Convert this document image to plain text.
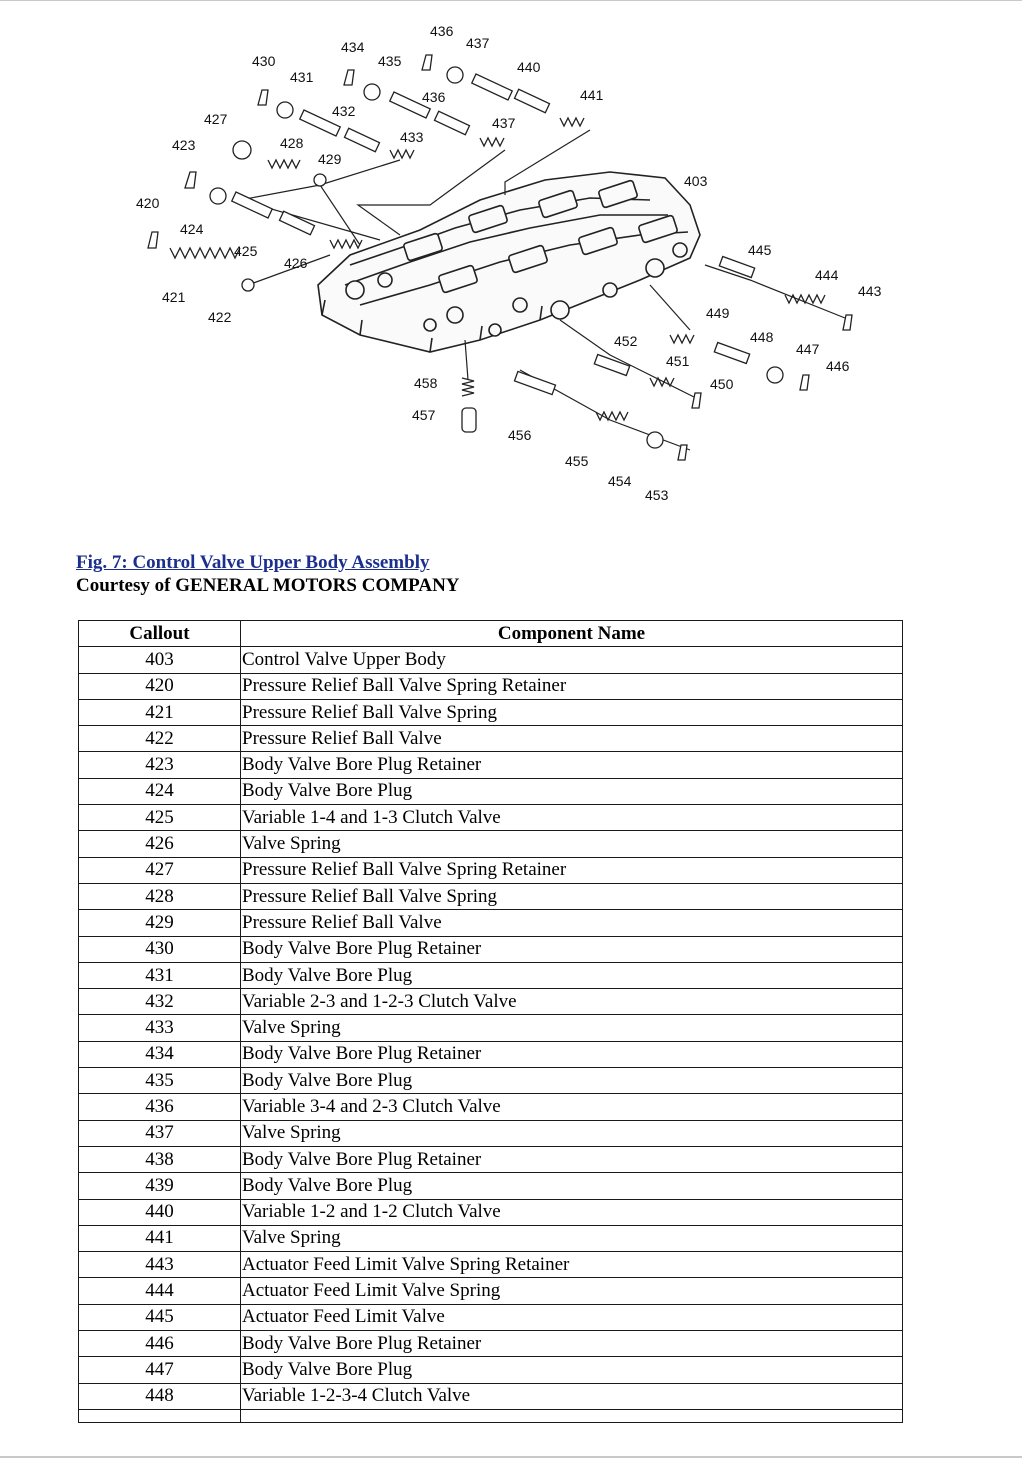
436
437
434
435	440
430
431
436	441
432
427	437
433
423	428
429
403
420
424
425
426
445
444
443
421
422	449
448
452	447
451	446
458	450
457
456
455
454
453
Fig. 7: Control Valve Upper Body Assembly
Courtesy of GENERAL MOTORS COMPANY
Callout	Component Name
403	Control Valve Upper Body
420	Pressure Relief Ball Valve Spring Retainer
421	Pressure Relief Ball Valve Spring
422	Pressure Relief Ball Valve
423	Body Valve Bore Plug Retainer
424	Body Valve Bore Plug
425	Variable 1-4 and 1-3 Clutch Valve
426	Valve Spring
427	Pressure Relief Ball Valve Spring Retainer
428	Pressure Relief Ball Valve Spring
429	Pressure Relief Ball Valve
430	Body Valve Bore Plug Retainer
431	Body Valve Bore Plug
432	Variable 2-3 and 1-2-3 Clutch Valve
433	Valve Spring
434	Body Valve Bore Plug Retainer
435	Body Valve Bore Plug
436	Variable 3-4 and 2-3 Clutch Valve
437	Valve Spring
438	Body Valve Bore Plug Retainer
439	Body Valve Bore Plug
440	Variable 1-2 and 1-2 Clutch Valve
441	Valve Spring
443	Actuator Feed Limit Valve Spring Retainer
444	Actuator Feed Limit Valve Spring
445	Actuator Feed Limit Valve
446	Body Valve Bore Plug Retainer
447	Body Valve Bore Plug
448	Variable 1-2-3-4 Clutch Valve
